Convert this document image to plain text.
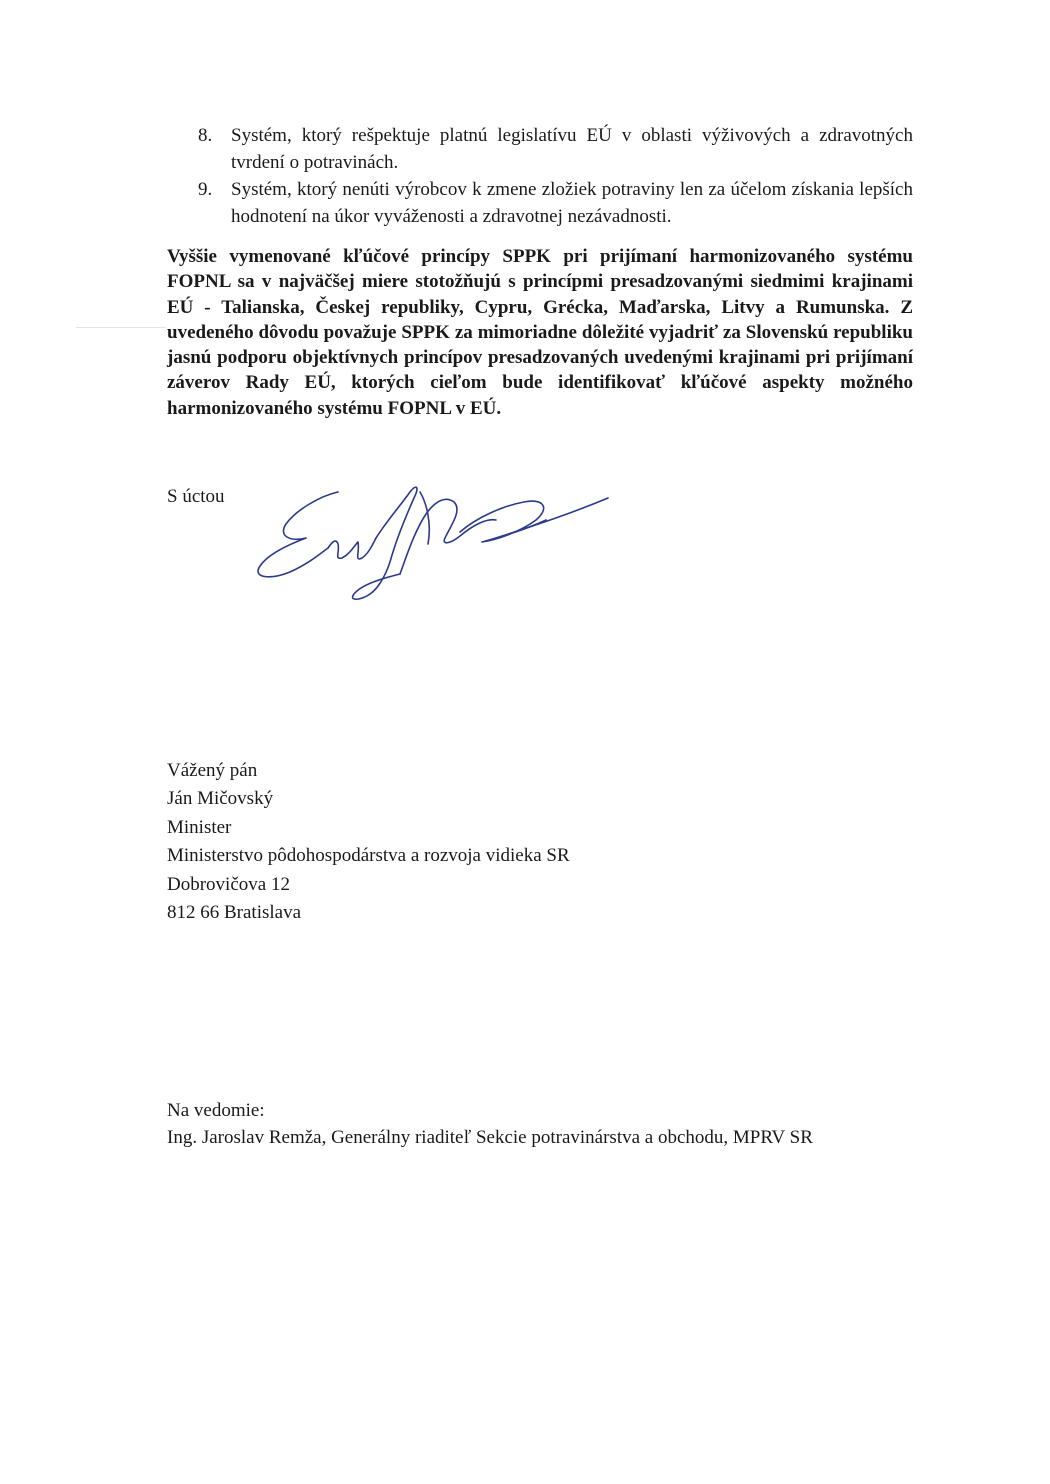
8. Systém, ktorý rešpektuje platnú legislatívu EÚ v oblasti výživových a zdravotných tvrdení o potravinách.
9. Systém, ktorý nenúti výrobcov k zmene zložiek potraviny len za účelom získania lepších hodnotení na úkor vyváženosti a zdravotnej nezávadnosti.

Vyššie vymenované kľúčové princípy SPPK pri prijímaní harmonizovaného systému FOPNL sa v najväčšej miere stotožňujú s princípmi presadzovanými siedmimi krajinami EÚ - Talianska, Českej republiky, Cypru, Grécka, Maďarska, Litvy a Rumunska. Z uvedeného dôvodu považuje SPPK za mimoriadne dôležité vyjadriť za Slovenskú republiku jasnú podporu objektívnych princípov presadzovaných uvedenými krajinami pri prijímaní záverov Rady EÚ, ktorých cieľom bude identifikovať kľúčové aspekty možného harmonizovaného systému FOPNL v EÚ.

S úctou

Vážený pán
Ján Mičovský
Minister
Ministerstvo pôdohospodárstva a rozvoja vidieka SR
Dobrovičova 12
812 66 Bratislava

Na vedomie:

Ing. Jaroslav Remža, Generálny riaditeľ Sekcie potravinárstva a obchodu, MPRV SR
